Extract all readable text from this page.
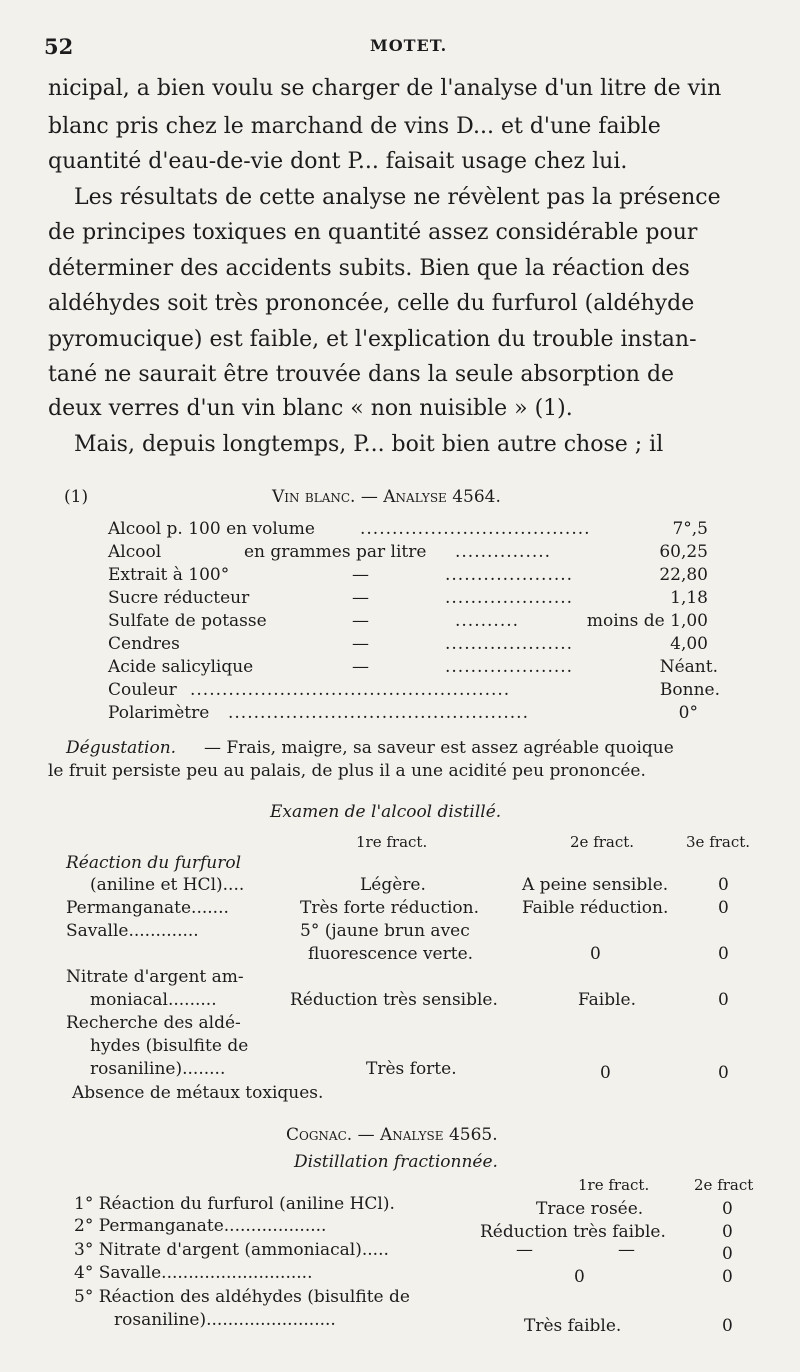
52	MOTET.
nicipal, a bien voulu se charger de l'analyse d'un litre de vin
blanc pris chez le marchand de vins D... et d'une faible
quantité d'eau-de-vie dont P... faisait usage chez lui.
Les résultats de cette analyse ne révèlent pas la présence
de principes toxiques en quantité assez considérable pour
déterminer des accidents subits. Bien que la réaction des
aldéhydes soit très prononcée, celle du furfurol (aldéhyde
pyromucique) est faible, et l'explication du trouble instan-
tané ne saurait être trouvée dans la seule absorption de
deux verres d'un vin blanc « non nuisible » (1).
Mais, depuis longtemps, P... boit bien autre chose ; il
(1)	Vin blanc. — Analyse 4564.
Alcool p. 100 en volume	....................................	7°,5
Alcool	en grammes par litre ...............	60,25
Extrait à 100°	—	....................	22,80
Sucre réducteur	—	....................	1,18
Sulfate de potasse	—	..........	moins de 1,00
Cendres	—	....................	4,00
Acide salicylique	—	....................	Néant.
Couleur ..................................................	Bonne.
Polarimètre ...............................................	0°
Dégustation. — Frais, maigre, sa saveur est assez agréable quoique
le fruit persiste peu au palais, de plus il a une acidité peu prononcée.
Examen de l'alcool distillé.
1re fract.	2e fract.	3e fract.
Réaction du furfurol
(aniline et HCl)....	Légère.	A peine sensible.	0
Permanganate.......	Très forte réduction.	Faible réduction.	0
Savalle.............	5° (jaune brun avec
fluorescence verte.	0	0
Nitrate d'argent am-
moniacal.........	Réduction très sensible.	Faible.	0
Recherche des aldé-
hydes (bisulfite de
rosaniline)........	Très forte.	0	0
Absence de métaux toxiques.
Cognac. — Analyse 4565.
Distillation fractionnée.
1re fract.	2e fract
1° Réaction du furfurol (aniline HCl).	Trace rosée.	0
2° Permanganate...................	Réduction très faible.	0
3° Nitrate d'argent (ammoniacal).....	—	—	0
4° Savalle............................	0	0
5° Réaction des aldéhydes (bisulfite de
rosaniline)........................	Très faible.	0
